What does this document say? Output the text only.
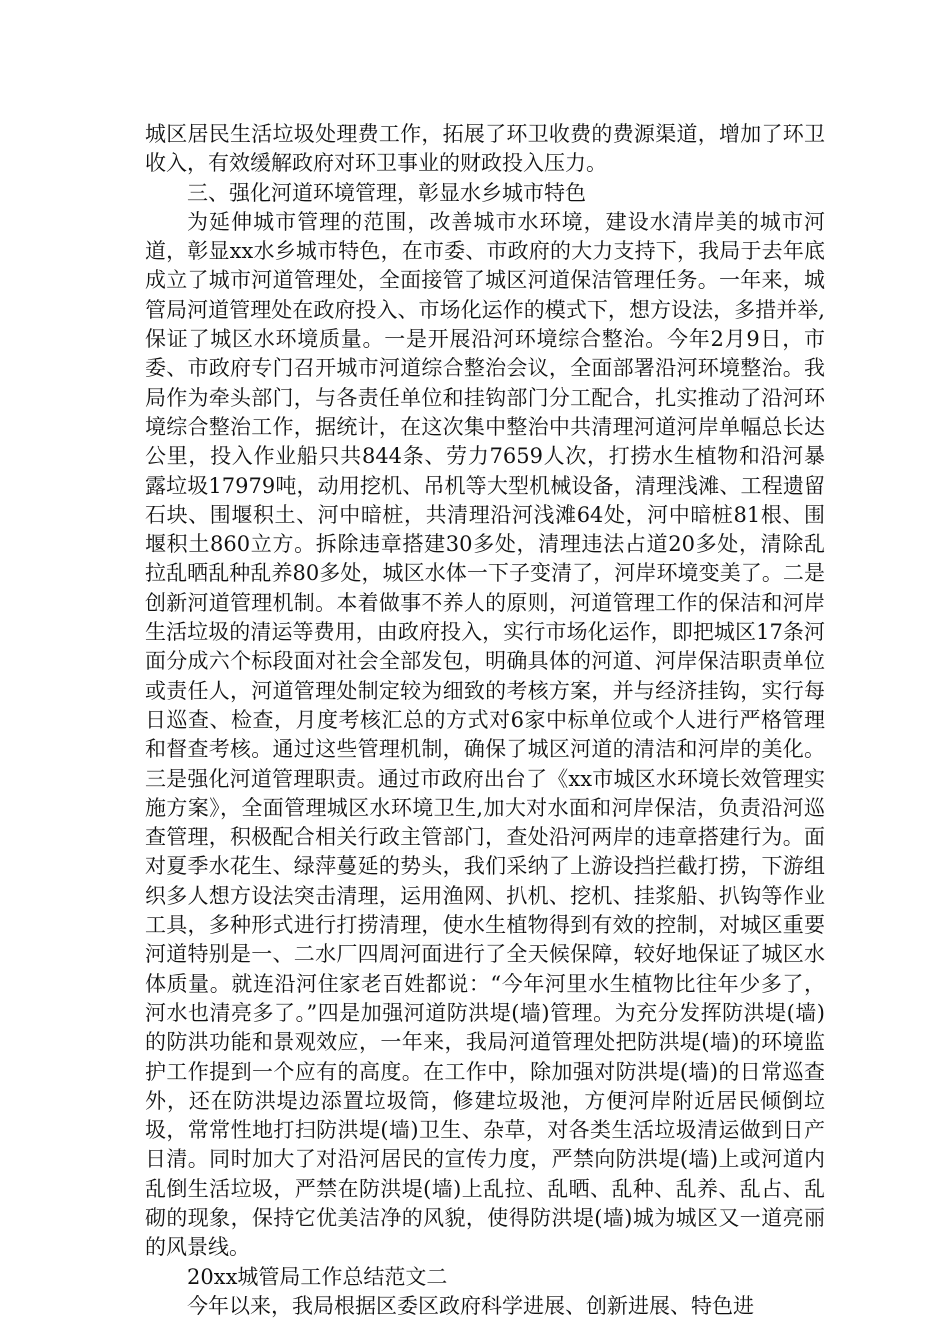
城区居民生活垃圾处理费工作，拓展了环卫收费的费源渠道，增加了环卫收入，有效缓解政府对环卫事业的财政投入压力。

三、强化河道环境管理，彰显水乡城市特色

为延伸城市管理的范围，改善城市水环境，建设水清岸美的城市河道，彰显xx水乡城市特色，在市委、市政府的大力支持下，我局于去年底成立了城市河道管理处，全面接管了城区河道保洁管理任务。一年来，城管局河道管理处在政府投入、市场化运作的模式下，想方设法，多措并举,保证了城区水环境质量。一是开展沿河环境综合整治。今年2月9日，市委、市政府专门召开城市河道综合整治会议，全面部署沿河环境整治。我局作为牵头部门，与各责任单位和挂钩部门分工配合，扎实推动了沿河环境综合整治工作，据统计，在这次集中整治中共清理河道河岸单幅总长达公里，投入作业船只共844条、劳力7659人次，打捞水生植物和沿河暴露垃圾17979吨，动用挖机、吊机等大型机械设备，清理浅滩、工程遗留石块、围堰积土、河中暗桩，共清理沿河浅滩64处，河中暗桩81根、围堰积土860立方。拆除违章搭建30多处，清理违法占道20多处，清除乱拉乱晒乱种乱养80多处，城区水体一下子变清了，河岸环境变美了。二是创新河道管理机制。本着做事不养人的原则，河道管理工作的保洁和河岸生活垃圾的清运等费用，由政府投入，实行市场化运作，即把城区17条河面分成六个标段面对社会全部发包，明确具体的河道、河岸保洁职责单位或责任人，河道管理处制定较为细致的考核方案，并与经济挂钩，实行每日巡查、检查，月度考核汇总的方式对6家中标单位或个人进行严格管理和督查考核。通过这些管理机制，确保了城区河道的清洁和河岸的美化。三是强化河道管理职责。通过市政府出台了《xx市城区水环境长效管理实施方案》，全面管理城区水环境卫生,加大对水面和河岸保洁，负责沿河巡查管理，积极配合相关行政主管部门，查处沿河两岸的违章搭建行为。面对夏季水花生、绿萍蔓延的势头，我们采纳了上游设挡拦截打捞，下游组织多人想方设法突击清理，运用渔网、扒机、挖机、挂浆船、扒钩等作业工具，多种形式进行打捞清理，使水生植物得到有效的控制，对城区重要河道特别是一、二水厂四周河面进行了全天候保障，较好地保证了城区水体质量。就连沿河住家老百姓都说：“今年河里水生植物比往年少多了，河水也清亮多了。”四是加强河道防洪堤(墙)管理。为充分发挥防洪堤(墙)的防洪功能和景观效应，一年来，我局河道管理处把防洪堤(墙)的环境监护工作提到一个应有的高度。在工作中，除加强对防洪堤(墙)的日常巡查外，还在防洪堤边添置垃圾筒，修建垃圾池，方便河岸附近居民倾倒垃圾，常常性地打扫防洪堤(墙)卫生、杂草，对各类生活垃圾清运做到日产日清。同时加大了对沿河居民的宣传力度，严禁向防洪堤(墙)上或河道内乱倒生活垃圾，严禁在防洪堤(墙)上乱拉、乱晒、乱种、乱养、乱占、乱砌的现象，保持它优美洁净的风貌，使得防洪堤(墙)城为城区又一道亮丽的风景线。

20xx城管局工作总结范文二

今年以来，我局根据区委区政府科学进展、创新进展、特色进
